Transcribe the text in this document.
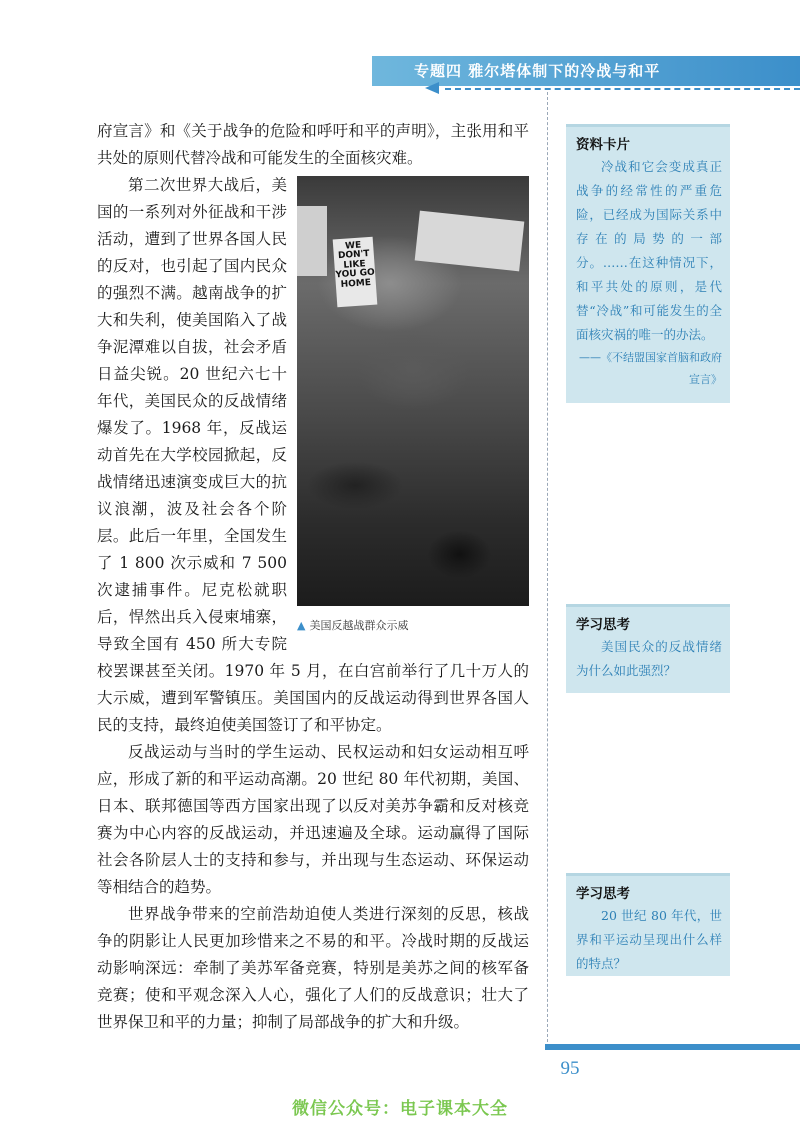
专题四 雅尔塔体制下的冷战与和平

府宣言》和《关于战争的危险和呼吁和平的声明》，主张用和平共处的原则代替冷战和可能发生的全面核灾难。

WE DON'T LIKE YOU GO HOME
▲ 美国反越战群众示威

第二次世界大战后，美国的一系列对外征战和干涉活动，遭到了世界各国人民的反对，也引起了国内民众的强烈不满。越南战争的扩大和失利，使美国陷入了战争泥潭难以自拔，社会矛盾日益尖锐。20 世纪六七十年代，美国民众的反战情绪爆发了。1968 年，反战运动首先在大学校园掀起，反战情绪迅速演变成巨大的抗议浪潮，波及社会各个阶层。此后一年里，全国发生了 1 800 次示威和 7 500 次逮捕事件。尼克松就职后，悍然出兵入侵柬埔寨，导致全国有 450 所大专院校罢课甚至关闭。1970 年 5 月，在白宫前举行了几十万人的大示威，遭到军警镇压。美国国内的反战运动得到世界各国人民的支持，最终迫使美国签订了和平协定。

反战运动与当时的学生运动、民权运动和妇女运动相互呼应，形成了新的和平运动高潮。20 世纪 80 年代初期，美国、日本、联邦德国等西方国家出现了以反对美苏争霸和反对核竞赛为中心内容的反战运动，并迅速遍及全球。运动赢得了国际社会各阶层人士的支持和参与，并出现与生态运动、环保运动等相结合的趋势。

世界战争带来的空前浩劫迫使人类进行深刻的反思，核战争的阴影让人民更加珍惜来之不易的和平。冷战时期的反战运动影响深远：牵制了美苏军备竞赛，特别是美苏之间的核军备竞赛；使和平观念深入人心，强化了人们的反战意识；壮大了世界保卫和平的力量；抑制了局部战争的扩大和升级。

资料卡片
冷战和它会变成真正战争的经常性的严重危险，已经成为国际关系中存在的局势的一部分。……在这种情况下，和平共处的原则，是代替“冷战”和可能发生的全面核灾祸的唯一的办法。
——《不结盟国家首脑和政府宣言》
学习思考
美国民众的反战情绪为什么如此强烈？
学习思考
20 世纪 80 年代，世界和平运动呈现出什么样的特点？
95
微信公众号：电子课本大全
